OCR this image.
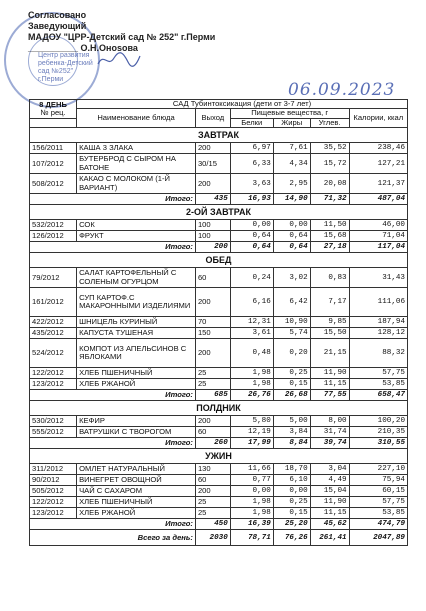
Центр развития
ребенка-Детский
сад №252"
г.Перми
Согласовано
Заведующий
МАДОУ "ЦРР-Детский сад № 252" г.Перми
__________ О.Н.Онosова
06.09.2023
8 ДЕНЬ
№ рец.	САД Тубинтоксикация (дети от 3-7 лет)					
	Наименование блюда	Выход	Пищевые вещества, г			Калории, ккал
			Белки	Жиры	Углев.	
ЗАВТРАК						
156/2011	КАША 3 ЗЛАКА	200	6,97	7,61	35,52	238,46
107/2012	БУТЕРБРОД С СЫРОМ НА БАТОНЕ	30/15	6,33	4,34	15,72	127,21
508/2012	КАКАО С МОЛОКОМ (1-Й ВАРИАНТ)	200	3,63	2,95	20,08	121,37
Итого:		435	16,93	14,90	71,32	487,04
2-ОЙ ЗАВТРАК						
532/2012	СОК	100	0,00	0,00	11,50	46,00
126/2012	ФРУКТ	100	0,64	0,64	15,68	71,04
Итого:		200	0,64	0,64	27,18	117,04
ОБЕД						
79/2012	САЛАТ КАРТОФЕЛЬНЫЙ С СОЛЕНЫМ ОГУРЦОМ	60	0,24	3,02	0,83	31,43
161/2012	СУП КАРТОФ.С МАКАРОННЫМИ ИЗДЕЛИЯМИ	200	6,16	6,42	7,17	111,06
422/2012	ШНИЦЕЛЬ КУРИНЫЙ	70	12,31	10,90	9,85	187,94
435/2012	КАПУСТА ТУШЕНАЯ	150	3,61	5,74	15,50	128,12
524/2012	КОМПОТ ИЗ АПЕЛЬСИНОВ С ЯБЛОКАМИ	200	0,48	0,20	21,15	88,32
122/2012	ХЛЕБ ПШЕНИЧНЫЙ	25	1,98	0,25	11,90	57,75
123/2012	ХЛЕБ РЖАНОЙ	25	1,98	0,15	11,15	53,85
Итого:		685	26,76	26,68	77,55	658,47
ПОЛДНИК						
530/2012	КЕФИР	200	5,80	5,00	8,00	100,20
555/2012	ВАТРУШКИ С ТВОРОГОМ	60	12,19	3,84	31,74	210,35
Итого:		260	17,99	8,84	39,74	310,55
УЖИН						
311/2012	ОМЛЕТ НАТУРАЛЬНЫЙ	130	11,66	18,70	3,04	227,10
90/2012	ВИНЕГРЕТ ОВОЩНОЙ	60	0,77	6,10	4,49	75,94
505/2012	ЧАЙ С САХАРОМ	200	0,00	0,00	15,04	60,15
122/2012	ХЛЕБ ПШЕНИЧНЫЙ	25	1,98	0,25	11,90	57,75
123/2012	ХЛЕБ РЖАНОЙ	25	1,98	0,15	11,15	53,85
Итого:		450	16,39	25,20	45,62	474,79
Всего за день:		2030	78,71	76,26	261,41	2047,89
